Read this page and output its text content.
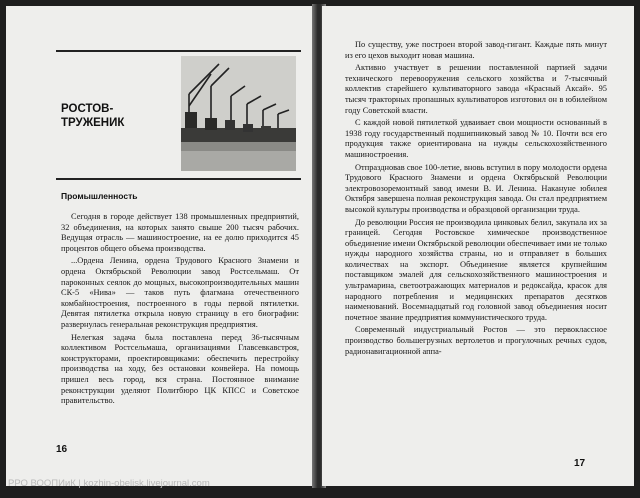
РОСТОВ-
ТРУЖЕНИК
Промышленность

Сегодня в городе действует 138 промышленных предприятий, 32 объединения, на которых занято свыше 200 тысяч рабочих. Ведущая отрасль — машиностроение, на ее долю приходится 45 процентов общего объема производства.

...Ордена Ленина, ордена Трудового Красного Знамени и ордена Октябрьской Революции завод Ростсельмаш. От пароконных сеялок до мощных, высокопроизводительных машин СК-5 «Нива» — таков путь флагмана отечественного комбайностроения, построенного в годы первой пятилетки. Девятая пятилетка открыла новую страницу в его биографии: развернулась генеральная реконструкция предприятия.

Нелегкая задача была поставлена перед 36-тысячным коллективом Ростсельмаша, организациями Главсевкавстроя, конструкторами, проектировщиками: обеспечить перестройку производства на ходу, без остановки конвейера. На помощь пришел весь город, вся страна. Постоянное внимание реконструкции уделяют Политбюро ЦК КПСС и Советское правительство.

16

По существу, уже построен второй завод-гигант. Каждые пять минут из его цехов выходит новая машина.

Активно участвует в решении поставленной партией задачи технического перевооружения сельского хозяйства и 7-тысячный коллектив старейшего культиваторного завода «Красный Аксай». 95 тысяч тракторных пропашных культиваторов изготовил он в юбилейном году Советской власти.

С каждой новой пятилеткой удваивает свои мощности основанный в 1938 году государственный подшипниковый завод № 10. Почти вся его продукция также ориентирована на нужды сельскохозяйственного машиностроения.

Отпраздновав свое 100-летие, вновь вступил в пору молодости ордена Трудового Красного Знамени и ордена Октябрьской Революции электровозоремонтный завод имени В. И. Ленина. Накануне юбилея Октября завершена полная реконструкция завода. Он стал предприятием высокой культуры производства и образцовой организации труда.

До революции Россия не производила цинковых белил, закупала их за границей. Сегодня Ростовское химическое производственное объединение имени Октябрьской революции обеспечивает ими не только нужды народного хозяйства страны, но и отправляет в больших количествах на экспорт. Объединение является крупнейшим поставщиком эмалей для сельскохозяйственного машиностроения и ультрамарина, светоотражающих материалов и редоксайда, красок для народного потребления и медицинских препаратов десятков наименований. Восемнадцатый год головной завод объединения носит почетное звание предприятия коммунистического труда.

Современный индустриальный Ростов — это первоклассное производство большегрузных вертолетов и прогулочных речных судов, радионавигационной аппа-

17
РРО ВООПИиК | kozhin-obelisk.livejournal.com
